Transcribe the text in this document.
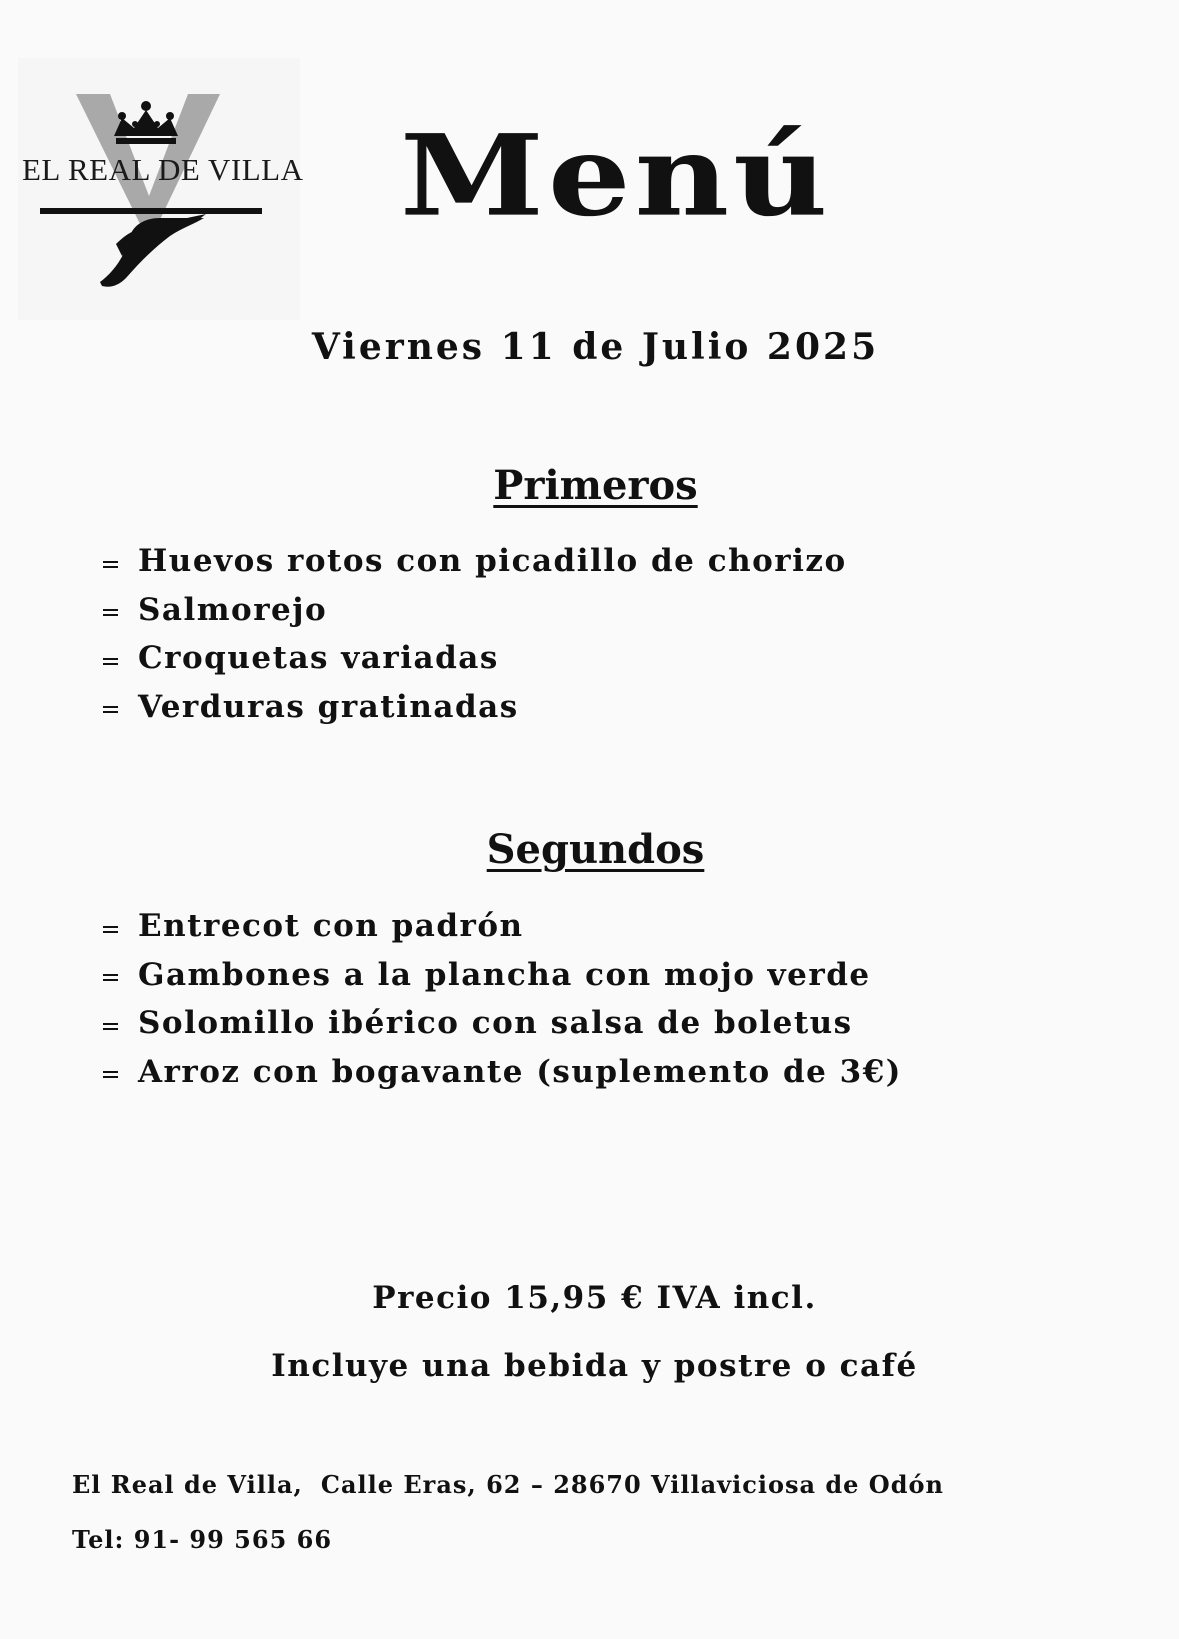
EL REAL DE VILLA Menú
Viernes 11 de Julio 2025
Primeros
Huevos rotos con picadillo de chorizo
Salmorejo
Croquetas variadas
Verduras gratinadas
Segundos
Entrecot con padrón
Gambones a la plancha con mojo verde
Solomillo ibérico con salsa de boletus
Arroz con bogavante (suplemento de 3€)
Precio 15,95 € IVA incl.
Incluye una bebida y postre o café
El Real de Villa, Calle Eras, 62 – 28670 Villaviciosa de Odón
Tel: 91- 99 565 66
